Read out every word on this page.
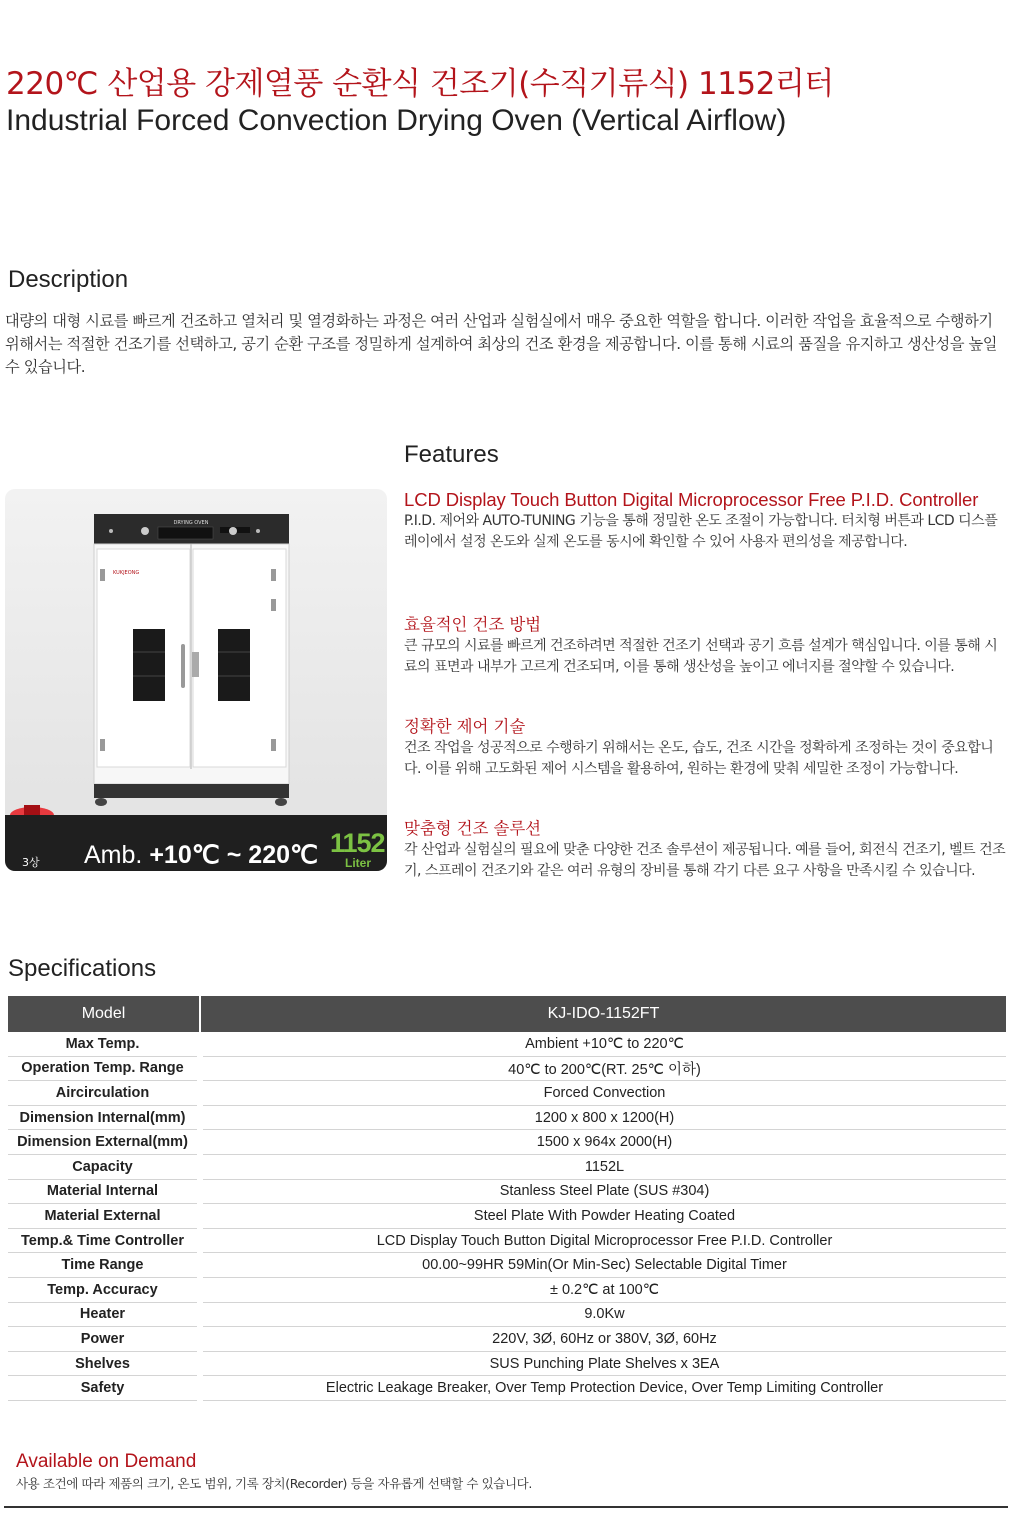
220℃ 산업용 강제열풍 순환식 건조기(수직기류식) 1152리터
Industrial Forced Convection Drying Oven (Vertical Airflow)
Description
대량의 대형 시료를 빠르게 건조하고 열처리 및 열경화하는 과정은 여러 산업과 실험실에서 매우 중요한 역할을 합니다. 이러한 작업을 효율적으로 수행하기 위해서는 적절한 건조기를 선택하고, 공기 순환 구조를 정밀하게 설계하여 최상의 건조 환경을 제공합니다. 이를 통해 시료의 품질을 유지하고 생산성을 높일 수 있습니다.
DRYING OVEN
KUKJEONG
3상 Amb. +10℃ ~ 220℃ 1152
Liter
Features
LCD Display Touch Button Digital Microprocessor Free P.I.D. Controller
P.I.D. 제어와 AUTO-TUNING 기능을 통해 정밀한 온도 조절이 가능합니다. 터치형 버튼과 LCD 디스플레이에서 설정 온도와 실제 온도를 동시에 확인할 수 있어 사용자 편의성을 제공합니다.
효율적인 건조 방법
큰 규모의 시료를 빠르게 건조하려면 적절한 건조기 선택과 공기 흐름 설계가 핵심입니다. 이를 통해 시료의 표면과 내부가 고르게 건조되며, 이를 통해 생산성을 높이고 에너지를 절약할 수 있습니다.
정확한 제어 기술
건조 작업을 성공적으로 수행하기 위해서는 온도, 습도, 건조 시간을 정확하게 조정하는 것이 중요합니다. 이를 위해 고도화된 제어 시스템을 활용하여, 원하는 환경에 맞춰 세밀한 조정이 가능합니다.
맞춤형 건조 솔루션
각 산업과 실험실의 필요에 맞춘 다양한 건조 솔루션이 제공됩니다. 예를 들어, 회전식 건조기, 벨트 건조기, 스프레이 건조기와 같은 여러 유형의 장비를 통해 각기 다른 요구 사항을 만족시킬 수 있습니다.
Specifications
Model	KJ-IDO-1152FT
Max Temp.	Ambient +10℃ to 220℃
Operation Temp. Range	40℃ to 200℃(RT. 25℃ 이하)
Aircirculation	Forced Convection
Dimension Internal(mm)	1200 x 800 x 1200(H)
Dimension External(mm)	1500 x 964x 2000(H)
Capacity	1152L
Material Internal	Stanless Steel Plate (SUS #304)
Material External	Steel Plate With Powder Heating Coated
Temp.& Time Controller	LCD Display Touch Button Digital Microprocessor Free P.I.D. Controller
Time Range	00.00~99HR 59Min(Or Min-Sec) Selectable Digital Timer
Temp. Accuracy	± 0.2℃ at 100℃
Heater	9.0Kw
Power	220V, 3Ø, 60Hz or 380V, 3Ø, 60Hz
Shelves	SUS Punching Plate Shelves x 3EA
Safety	Electric Leakage Breaker, Over Temp Protection Device, Over Temp Limiting Controller
Available on Demand
사용 조건에 따라 제품의 크기, 온도 범위, 기록 장치(Recorder) 등을 자유롭게 선택할 수 있습니다.
